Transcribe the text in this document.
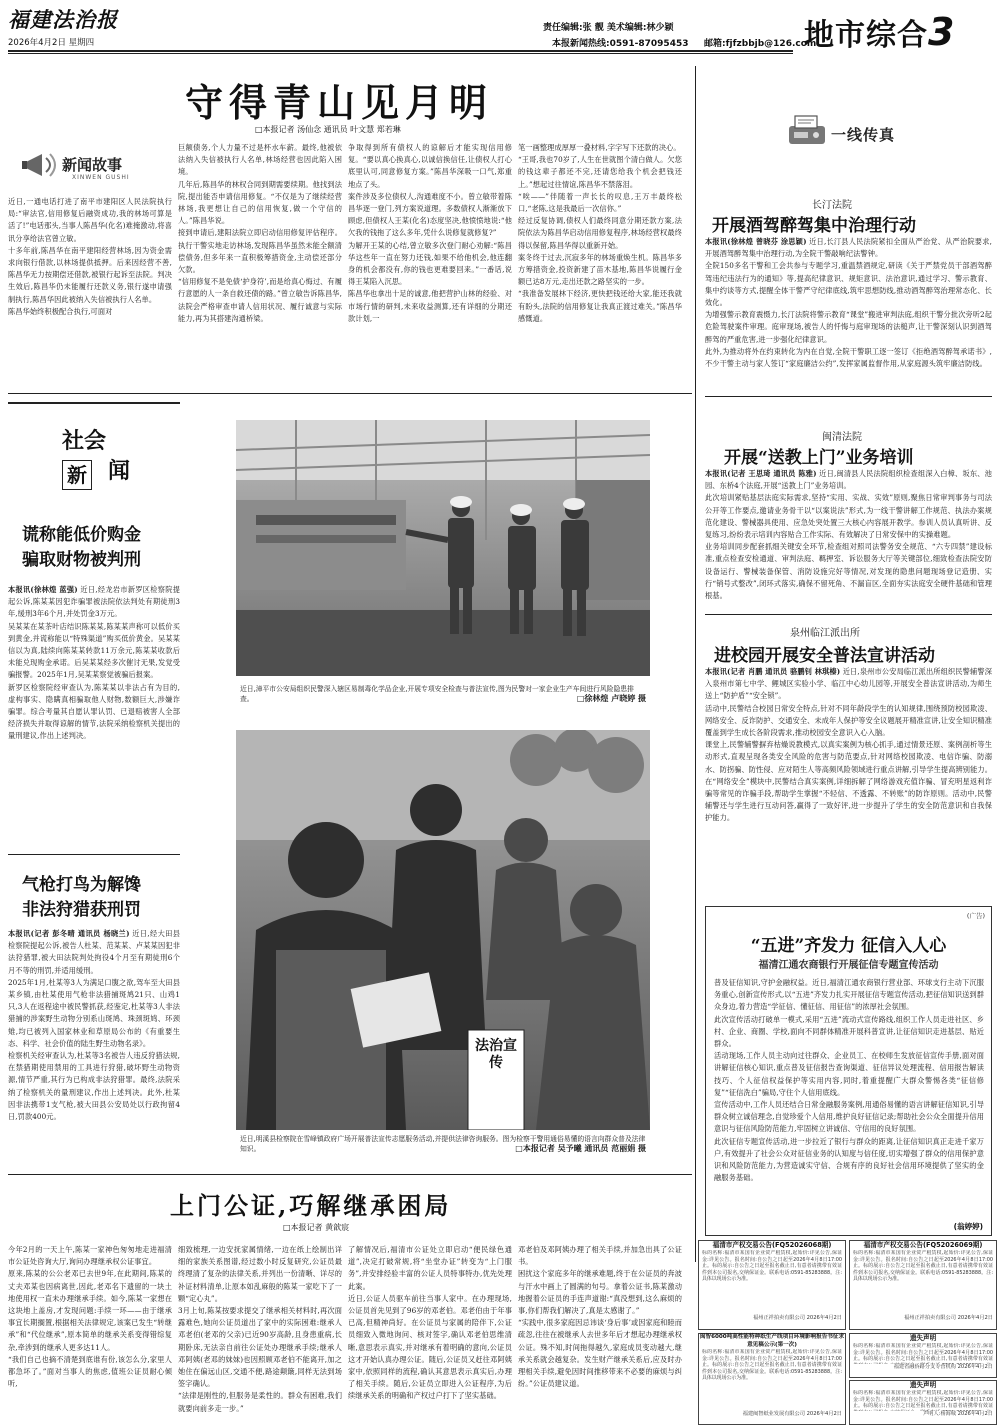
福建法治报
2026年4月2日 星期四
责任编辑:张 靓 美术编辑:林少颖
本报新闻热线:0591-87095453 邮箱:fjfzbbjb@126.com
地市综合3
守得青山见月明
□本报记者 汤仙念 通讯员 叶文慧 郑若琳
新闻故事
XINWEN GUSHI
近日,一通电话打进了南平市建阳区人民法院执行局:“审法官,信用修复后融资成功,我的林场可算是活了!”电话那头,当事人陈昌华(化名)难掩激动,将喜讯分享给法官曾立敏。
十多年前,陈昌华在南平建阳经营林场,因为资金需求向银行借款,以林场提供抵押。后来因经营不善,陈昌华无力按期偿还借款,被银行起诉至法院。判决生效后,陈昌华仍未能履行还款义务,银行遂申请强制执行,陈昌华因此被纳入失信被执行人名单。
陈昌华始终积极配合执行,可面对
巨额债务,个人力量不过是杯水车薪。最终,他被依法纳入失信被执行人名单,林场经营也因此陷入困境。
几年后,陈昌华的林权合同到期需要续期。他找到法院,提出能否申请信用修复。“不仅是为了继续经营林场,我更想让自己的信用恢复,做一个守信的人。”陈昌华说。
接到申请后,建阳法院立即启动信用修复评估程序。执行干警实地走访林场,发现陈昌华虽然未能全额清偿债务,但多年来一直积极筹措资金,主动偿还部分欠款。
“信用修复不是免债‘护身符’,而是给真心悔过、有履行意愿的人一条自救还债的路。”曾立敏告诉陈昌华,法院会严格审查申请人信用状况、履行诚意与实际能力,再为其搭建沟通桥梁。
争取得到所有债权人的谅解后才能实现信用修复。“要以真心换真心,以诚信换信任,让债权人打心底里认可,同意修复方案。”陈昌华深吸一口气,郑重地点了头。
案件涉及多位债权人,沟通难度不小。曾立敏带着陈昌华逐一登门,列方案说道理。多数债权人渐渐放下顾虑,但债权人王某(化名)态度坚决,他愤愤地说:“他欠我的钱拖了这么多年,凭什么说修复就修复?”
为解开王某的心结,曾立敏多次登门耐心劝解:“陈昌华这些年一直在努力还钱,如果不给他机会,他连翻身的机会都没有,你的钱也更难要回来。”一番话,说得王某陷入沉思。
陈昌华也拿出十足的诚意,他把营护山林的经验、对市场行情的研判,未来收益测算,还有详细的分期还款计划,一
笔一画整理成厚厚一叠材料,字字写下还款的决心。
“王哥,我也70岁了,人生在世就图个清白做人。欠您的钱这辈子都还不完,还请您给我个机会把钱还上。”想起过往情谊,陈昌华不禁落泪。
“唉——”伴随着一声长长的叹息,王万丰最终松口,“老陈,这是我最后一次信你。”
经过反复协调,债权人们最终同意分期还款方案,法院依法为陈昌华启动信用修复程序,林场经营权最终得以保留,陈昌华得以重新开始。
案冬终于过去,沉寂多年的林场重焕生机。陈昌华多方筹措资金,投资新建了苗木基地,陈昌华说履行金额已达8万元,走出还款之路坚实的一步。
“我准备发展林下经济,更快把钱还给大家,能还我就有盼头,法院的信用修复让我真正渡过难关。”陈昌华感慨道。
一线传真
长汀法院
开展酒驾醉驾集中治理行动
本报讯(徐林煌 曾晓芬 涂思颖) 近日,长汀县人民法院紧扣全面从严治党、从严治院要求,开展酒驾醉驾集中治理行动,为全院干警敲响纪法警钟。
全院150多名干警和工会共参与专题学习,重温禁酒规定,研读《关于严禁党员干部酒驾醉驾违纪违法行为的通知》等,提高纪律意识、规矩意识、法治意识,通过学习、警示教育、集中约谈等方式,提醒全体干警严守纪律底线,筑牢思想防线,推动酒驾醉驾治理常态化、长效化。
为增强警示教育震慑力,长汀法院将警示教育“课堂”搬进审判法庭,组织干警分批次旁听2起危险驾驶案件审理。庭审现场,被告人的忏悔与庭审现场的法槌声,让干警深刻认识到酒驾醉驾的严重危害,进一步强化纪律意识。
此外,为推动将外在约束转化为内在自觉,全院干警职工逐一签订《拒绝酒驾醉驾承诺书》,不少干警主动与家人签订“家庭廉洁公约”,发挥家属监督作用,从家庭源头筑牢廉洁防线。
闽清法院
开展“送教上门”业务培训
本报讯(记者 王思琦 通讯员 陈雅) 近日,闽清县人民法院组织检查组深入白樟、坂东、池园、东桥4个法庭,开展“送教上门”业务培训。
此次培训紧贴基层法庭实际需求,坚持“实用、实战、实效”原则,聚焦日常审判事务与司法公开等工作要点,邀请业务骨干以“以案说法”形式,为一线干警讲解工作规范、执法办案规范化建设、警械器具使用、应急处突处置三大核心内容展开教学。参训人员认真听讲、反复练习,纷纷表示培训内容贴合工作实际、有效解决了日常安保中的实操难题。
业务培训同步配套抓细关键安全环节,检查组对照司法警务安全规范、“六专四禁”建设标准,重点检查安检通道、审判法庭、羁押室、诉讼服务大厅等关键部位,细致检查法院安防设备运行、警械装备保管、消防设施完好等情况,对发现的隐患问题现场登记造册、实行“销号式整改”,闭环式落实,确保不留死角、不漏盲区,全面夯实法庭安全硬件基础和管理根基。
泉州临江派出所
进校园开展安全普法宣讲活动
本报讯(记者 肖鹏 通讯员 骆鹏钊 林琪榛) 近日,泉州市公安局临江派出所组织民警辅警深入泉州市第七中学、鲤城区实验小学、临江中心幼儿园等,开展安全普法宣讲活动,为师生送上“防护盾”“安全锁”。
活动中,民警结合校园日常安全特点,针对不同年龄段学生的认知规律,围绕预防校园欺凌、网络安全、反诈防护、交通安全、未成年人保护等安全议题展开精准宣讲,让安全知识精准覆盖到学生成长各阶段需求,推动校园安全意识入心入脑。
课堂上,民警辅警摒弃枯燥说教模式,以真实案例为核心抓手,通过情景还原、案例剖析等生动形式,直观呈现各类安全风险的危害与防范要点,针对网络校园欺凌、电信诈骗、防溺水、防拐骗、防性侵、应对陌生人等高频风险领域进行重点讲解,引导学生提高辨别能力。在“网络安全”模块中,民警结合真实案例,详细拆解了网络游戏充值诈骗、冒充明星返利诈骗等常见的诈骗手段,帮助学生掌握“不轻信、不透露、不转账”的防诈原则。活动中,民警辅警还与学生进行互动问答,赢得了一致好评,进一步提升了学生的安全防范意识和自我保护能力。
(广告)
“五进”齐发力 征信入人心
福清江通农商银行开展征信专题宣传活动
普及征信知识,守护金融权益。近日,福清江通农商银行营业部、环球支行主动下沉服务重心,创新宣传形式,以“五进”齐发力扎实开展征信专题宣传活动,把征信知识送到群众身边,着力营造“学征信、懂征信、用征信”的浓厚社会氛围。
此次宣传活动打破单一模式,采用“五进”流动式宣传路线,组织工作人员走进社区、乡村、企业、商圈、学校,面向不同群体精准开展科普宣讲,让征信知识走进基层、贴近群众。
活动现场,工作人员主动向过往群众、企业员工、在校师生发放征信宣传手册,面对面讲解征信核心知识,重点普及征信报告查询渠道、征信异议处理流程、信用报告解读技巧、个人征信权益保护等实用内容,同时,着重提醒广大群众警惕各类“征信修复”“征信洗白”骗局,守住个人信用底线。
宣传活动中,工作人员还结合日常金融服务案例,用通俗易懂的语言讲解征信知识,引导群众树立诚信理念,自觉珍爱个人信用,维护良好征信记录;帮助社会公众全面提升信用意识与征信风险防范能力,牢固树立讲诚信、守信用的良好氛围。
此次征信专题宣传活动,进一步拉近了银行与群众的距离,让征信知识真正走进千家万户,有效提升了社会公众对征信业务的认知度与信任度,切实增强了群众的信用保护意识和风险防范能力,为营造诚实守信、合规有序的良好社会信用环境提供了坚实的金融服务基础。
(翁婷婷)
社会
新 闻
谎称能低价购金
骗取财物被判刑
本报讯(徐林煌 蓝强) 近日,经龙岩市新罗区检察院提起公诉,陈某某因犯诈骗罪被法院依法判处有期徒刑3年,缓刑3年6个月,并处罚金3万元。
吴某某在某茶叶店结识陈某某,陈某某声称可以低价买到黄金,并谎称能以“特殊渠道”购买低价黄金。吴某某信以为真,陆续向陈某某转款11万余元,陈某某收款后未能兑现购金承诺。后吴某某经多次催讨无果,发觉受骗报警。2025年1月,吴某某察觉被骗后报案。
新罗区检察院经审查认为,陈某某以非法占有为目的,虚构事实、隐瞒真相骗取他人财物,数额巨大,涉嫌诈骗罪。综合考量其自愿认罪认罚、已退赔被害人全部经济损失并取得谅解的情节,法院采纳检察机关提出的量刑建议,作出上述判决。
气枪打鸟为解馋
非法狩猎获刑罚
本报讯(记者 彭冬晴 通讯员 杨晓兰) 近日,经大田县检察院提起公诉,被告人杜某、范某某、卢某某因犯非法狩猎罪,被大田法院判处拘役4个月至有期徒刑6个月不等的刑罚,并适用缓刑。
2025年1月,杜某等3人为满足口腹之欲,驾车至大田县某乡镇,由杜某使用气枪非法猎捕斑鸠21只、山鸡1只,3人在返程途中被民警抓获,经鉴定,杜某等3人非法猎捕的涉案野生动物分别系山斑鸠、珠颈斑鸠、环颈雉,均已被列入国家林业和草原局公布的《有重要生态、科学、社会价值的陆生野生动物名录》。
检察机关经审查认为,杜某等3名被告人违反狩猎法规,在禁猎期使用禁用的工具进行狩猎,破坏野生动物资源,情节严重,其行为已构成非法狩猎罪。最终,法院采纳了检察机关的量刑建议,作出上述判决。此外,杜某因非法携带1支气枪,被大田县公安局处以行政拘留4日,罚款400元。
近日,漳平市公安局组织民警深入辖区易制毒化学品企业,开展专项安全检查与普法宣传,图为民警对一家企业生产车间进行风险隐患排查。	□徐林煌 卢晓婷 摄
法治宣传
近日,明溪县检察院在雪峰镇政府广场开展普法宣传志愿服务活动,并提供法律咨询服务。图为检察干警用通俗易懂的语言向群众普及法律知识。	□本报记者 吴予曦 通讯员 范丽娟 摄
上门公证,巧解继承困局
□本报记者 黄歆宸
今年2月的一天上午,陈某一家神色匆匆地走进福清市公证处咨询大厅,询问办理继承权公证事宜。
原来,陈某的公公老邓已去世9年,在此期间,陈某的丈夫邓某也因病离世,因此,老邓名下遗留的一块土地使用权一直未办理继承手续。如今,陈某一家想在这块地上盖房,才发现问题:手续一环——由于继承事宜长期搁置,根据相关法律规定,该案已发生“转继承”和“代位继承”,原本简单的继承关系变得错综复杂,牵涉到的继承人更多达11人。
“我们自己也摘不清楚到底谁有份,该怎么分,家里人都急坏了。”面对当事人的焦虑,值班公证员耐心倾听,
细致梳理,一边安抚家属情绪,一边在纸上绘制出详细的家族关系图谱,经过数小时反复研究,公证员最终理清了复杂的法律关系,并列出一份清晰、详尽的补证材料清单,让原本如乱麻般的陈某一家吃下了一颗“定心丸”。
3月上旬,陈某按要求提交了继承相关材料时,再次面露难色,她向公证员道出了家中的实际困难:继承人邓老伯(老邓的父亲)已近90岁高龄,且身患重病,长期卧床,无法亲自前往公证处办理继承手续;继承人邓阿姨(老邓的妹妹)也因照顾邓老伯不能离开,加之她住在偏远山区,交通不便,路途颠簸,同样无法到场签字确认。
“法律是刚性的,但服务是柔性的。群众有困难,我们就要向前多走一步。”
了解情况后,福清市公证处立即启动“便民绿色通道”,决定打破常规,将“坐堂办证”转变为“上门服务”,并安排经验丰富的公证人员特事特办,优先处理此案。
近日,公证人员驱车前往当事人家中。在办理现场,公证员首先见到了96岁的邓老伯。邓老伯由于年事已高,但精神尚好。在公证员与家属的陪伴下,公证员细致入微地询问、核对签字,确认邓老伯思维清晰,意思表示真实,并对继承有着明确的意向,公证员这才开始认真办理公证。随后,公证员又赶往邓阿姨家中,依照同样的流程,确认其意思表示真实后,办理了相关手续。随后,公证员立即进入公证程序,为后续继承关系的明确和产权过户打下了坚实基础。
邓老伯及邓阿姨办理了相关手续,并加急出具了公证书。
困扰这个家庭多年的继承难题,终于在公证员的奔波与汗水中画上了圆满的句号。拿着公证书,陈某激动地握着公证员的手连声道谢:“真没想到,这么麻烦的事,你们帮我们解决了,真是太感谢了。”
“实践中,很多家庭因忌讳谈‘身后事’或因家庭和睦而疏忽,往往在被继承人去世多年后才想起办理继承权公证。殊不知,时间拖得越久,家庭成员变动越大,继承关系就会越复杂。发生财产继承关系后,应及时办理相关手续,避免因时间推移带来不必要的麻烦与纠纷。”公证员建议道。
福清市产权交易公告(FQ52026068期)
标的名称:福清市某国有企业资产租赁权,起始价:详见公告,保证金:详见公告。报名时间:自公告之日起至2026年4月8日17:00止。标的展示:自公告之日起至报名截止日,有意者请携带有效证件到本公司报名,交纳保证金。联系电话:0591-85283888。注:具体以现场公示为准。
福州正祥拍卖有限公司 2026年4月2日
福清市产权交易公告(FQ52026069期)
标的名称:福清市某国有企业资产租赁权,起始价:详见公告,保证金:详见公告。报名时间:自公告之日起至2026年4月8日17:00止。标的展示:自公告之日起至报名截止日,有意者请携带有效证件到本公司报名,交纳保证金。联系电话:0591-85283888。注:具体以现场公示为准。
福州正祥拍卖有限公司 2026年4月2日
闽智6000吨高性能特种纸生产线项目环境影响报告书征求意见稿公示(第一次)
标的名称:福清市某国有企业资产租赁权,起始价:详见公告,保证金:详见公告。报名时间:自公告之日起至2026年4月8日17:00止。标的展示:自公告之日起至报名截止日,有意者请携带有效证件到本公司报名,交纳保证金。联系电话:0591-85283888。注:具体以现场公示为准。
福建闽智纸业发展有限公司 2026年4月2日
遗失声明
标的名称:福清市某国有企业资产租赁权,起始价:详见公告,保证金:详见公告。报名时间:自公告之日起至2026年4月8日17:00止。标的展示:自公告之日起至报名截止日,有意者请携带有效证
福建省融侨路分支专营机构 2026年4月2日
遗失声明
标的名称:福清市某国有企业资产租赁权,起始价:详见公告,保证金:详见公告。报名时间:自公告之日起至2026年4月8日17:00止。标的展示:自公告之日起至报名截止日,有意者请携带有效证
声明人:杨海城 2026年4月2日
